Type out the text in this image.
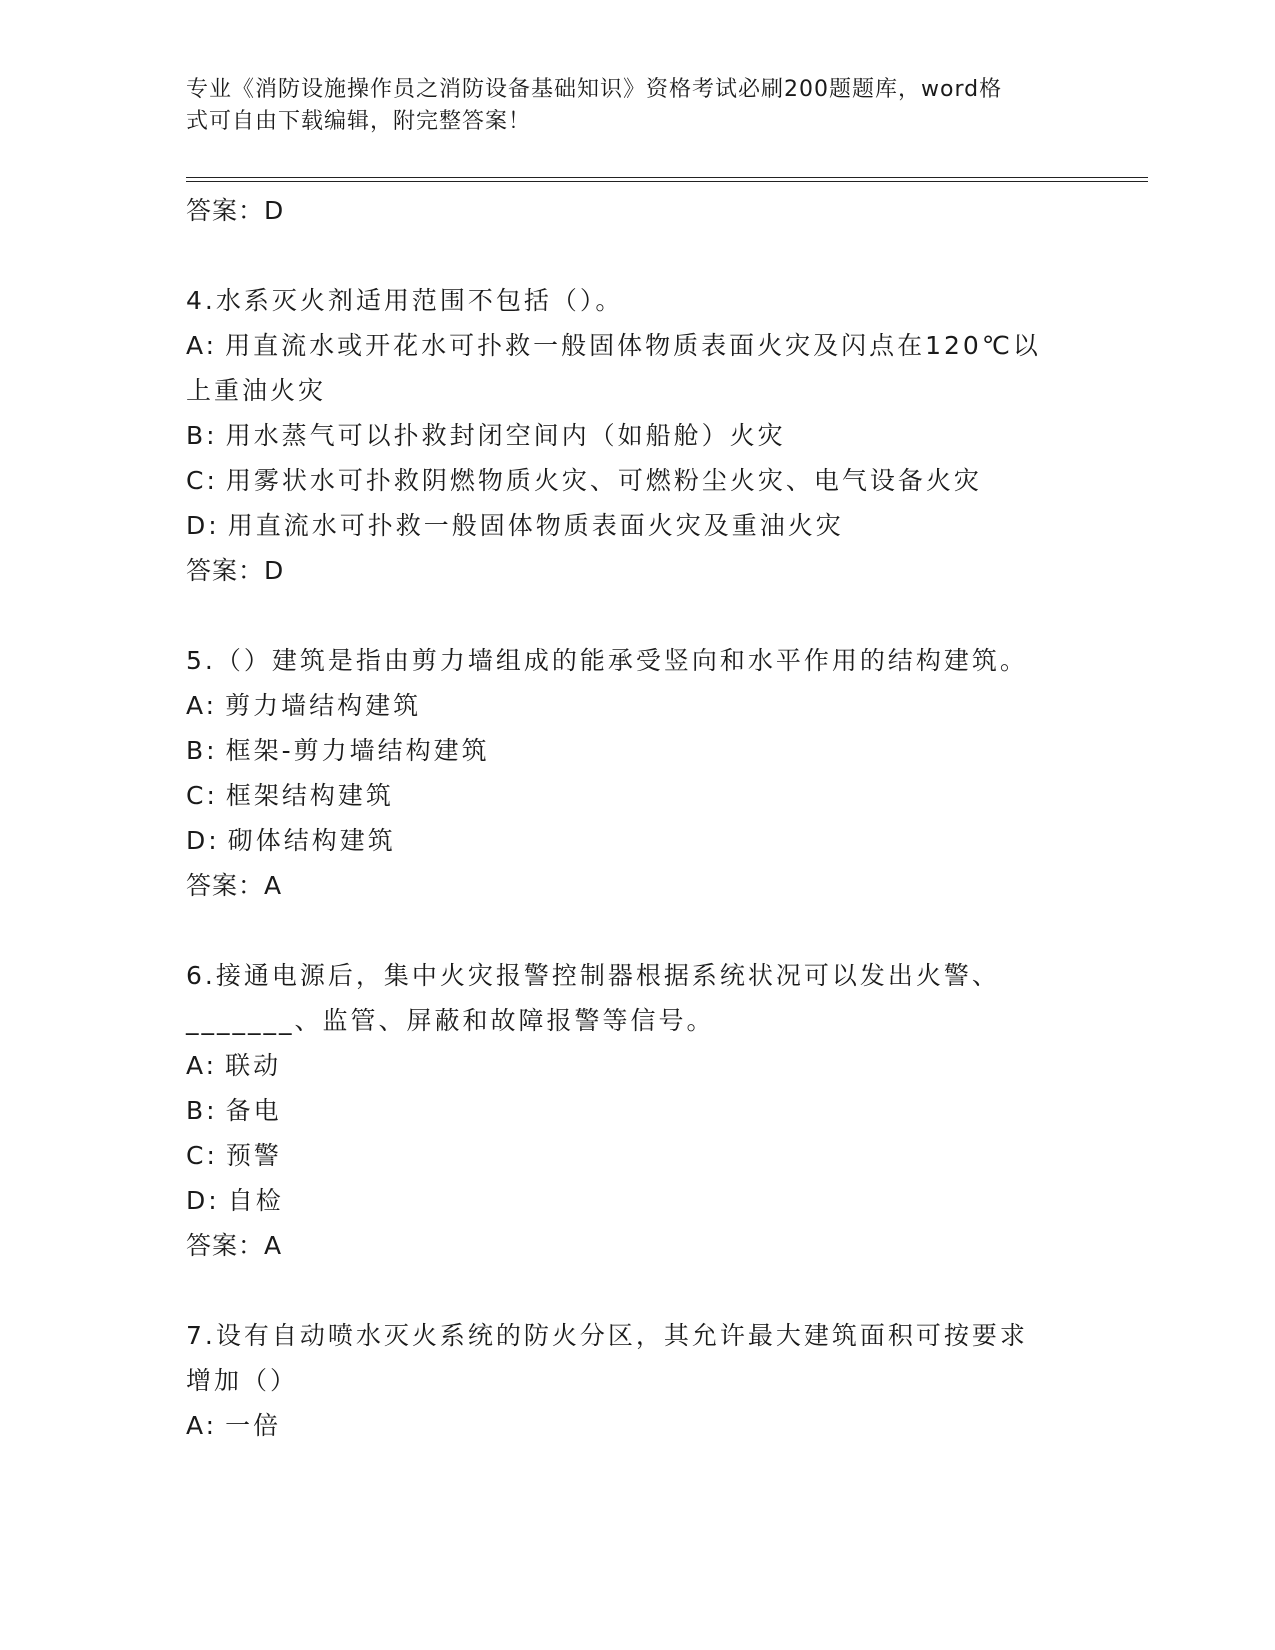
专业《消防设施操作员之消防设备基础知识》资格考试必刷200题题库，word格
式可自由下载编辑，附完整答案！
答案：D
4.水系灭火剂适用范围不包括（）。
A: 用直流水或开花水可扑救一般固体物质表面火灾及闪点在120℃以
上重油火灾
B: 用水蒸气可以扑救封闭空间内（如船舱）火灾
C: 用雾状水可扑救阴燃物质火灾、可燃粉尘火灾、电气设备火灾
D: 用直流水可扑救一般固体物质表面火灾及重油火灾
答案：D
5.（）建筑是指由剪力墙组成的能承受竖向和水平作用的结构建筑。
A: 剪力墙结构建筑
B: 框架-剪力墙结构建筑
C: 框架结构建筑
D: 砌体结构建筑
答案：A
6.接通电源后，集中火灾报警控制器根据系统状况可以发出火警、
_______、监管、屏蔽和故障报警等信号。
A: 联动
B: 备电
C: 预警
D: 自检
答案：A
7.设有自动喷水灭火系统的防火分区，其允许最大建筑面积可按要求
增加（）
A: 一倍
